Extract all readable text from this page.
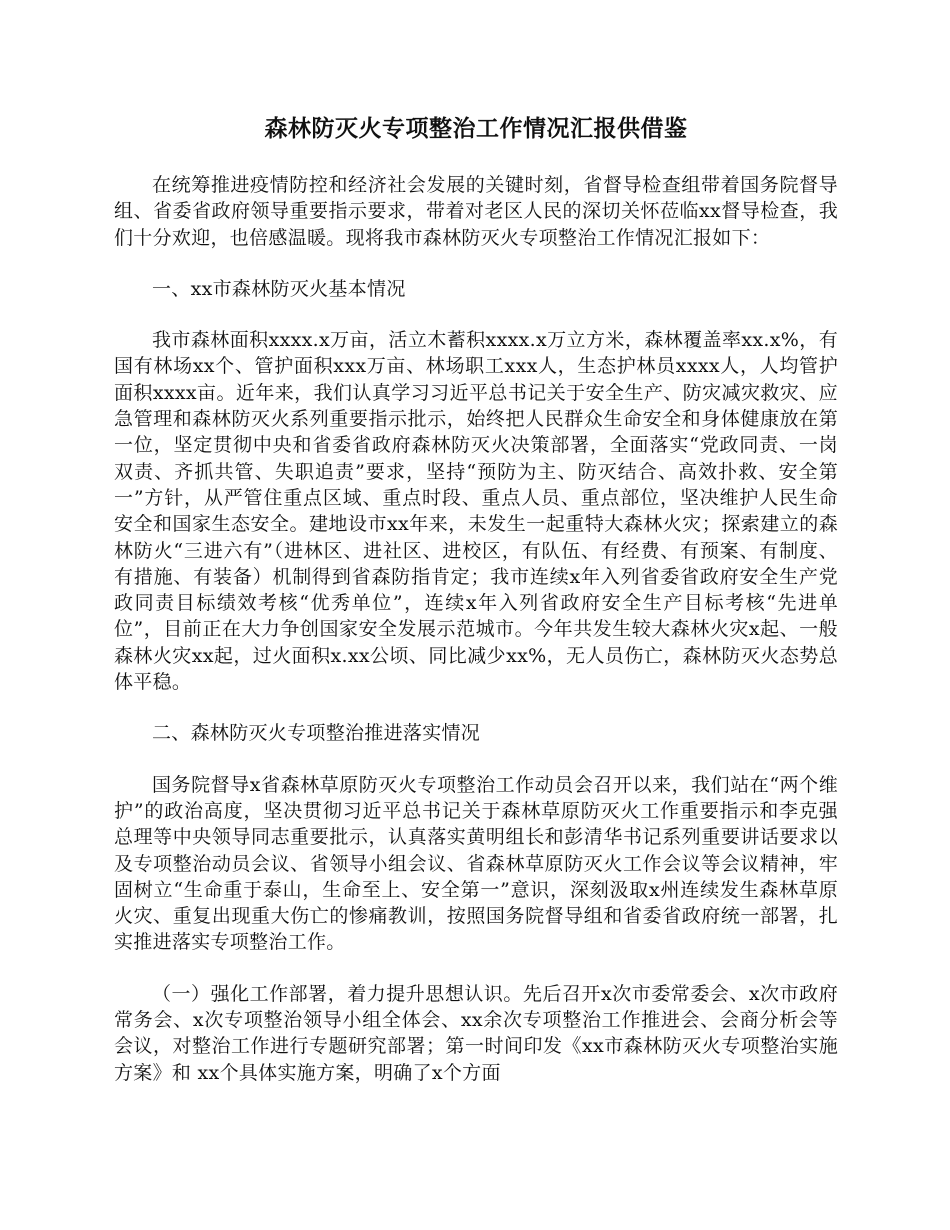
森林防灭火专项整治工作情况汇报供借鉴

在统筹推进疫情防控和经济社会发展的关键时刻，省督导检查组带着国务院督导组、省委省政府领导重要指示要求，带着对老区人民的深切关怀莅临xx督导检查，我们十分欢迎，也倍感温暖。现将我市森林防灭火专项整治工作情况汇报如下：

一、xx市森林防灭火基本情况

我市森林面积xxxx.x万亩，活立木蓄积xxxx.x万立方米，森林覆盖率xx.x%，有国有林场xx个、管护面积xxx万亩、林场职工xxx人，生态护林员xxxx人，人均管护面积xxxx亩。近年来，我们认真学习习近平总书记关于安全生产、防灾减灾救灾、应急管理和森林防灭火系列重要指示批示，始终把人民群众生命安全和身体健康放在第一位，坚定贯彻中央和省委省政府森林防灭火决策部署，全面落实“党政同责、一岗双责、齐抓共管、失职追责”要求，坚持“预防为主、防灭结合、高效扑救、安全第一”方针，从严管住重点区域、重点时段、重点人员、重点部位，坚决维护人民生命安全和国家生态安全。建地设市xx年来，未发生一起重特大森林火灾；探索建立的森林防火“三进六有”（进林区、进社区、进校区，有队伍、有经费、有预案、有制度、有措施、有装备）机制得到省森防指肯定；我市连续x年入列省委省政府安全生产党政同责目标绩效考核“优秀单位”，连续x年入列省政府安全生产目标考核“先进单位”，目前正在大力争创国家安全发展示范城市。今年共发生较大森林火灾x起、一般森林火灾xx起，过火面积x.xx公顷、同比减少xx%，无人员伤亡，森林防灭火态势总体平稳。

二、森林防灭火专项整治推进落实情况

国务院督导x省森林草原防灭火专项整治工作动员会召开以来，我们站在“两个维护”的政治高度，坚决贯彻习近平总书记关于森林草原防灭火工作重要指示和李克强总理等中央领导同志重要批示，认真落实黄明组长和彭清华书记系列重要讲话要求以及专项整治动员会议、省领导小组会议、省森林草原防灭火工作会议等会议精神，牢固树立“生命重于泰山，生命至上、安全第一”意识，深刻汲取x州连续发生森林草原火灾、重复出现重大伤亡的惨痛教训，按照国务院督导组和省委省政府统一部署，扎实推进落实专项整治工作。

（一）强化工作部署，着力提升思想认识。先后召开x次市委常委会、x次市政府常务会、x次专项整治领导小组全体会、xx余次专项整治工作推进会、会商分析会等会议，对整治工作进行专题研究部署；第一时间印发《xx市森林防灭火专项整治实施方案》和 xx个具体实施方案，明确了x个方面
